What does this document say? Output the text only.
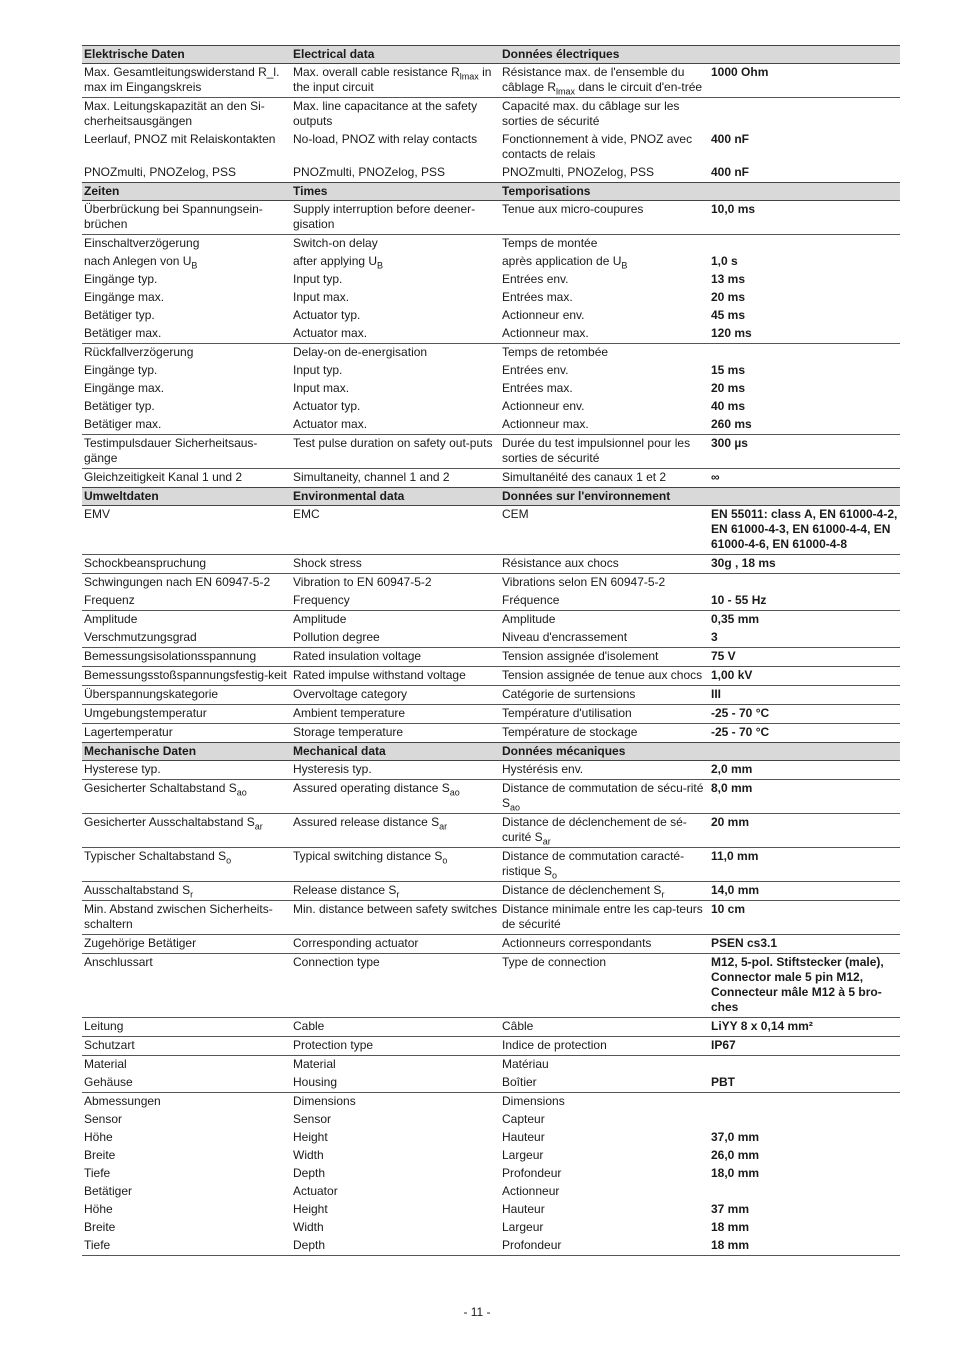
Elektrische Daten	Electrical data	Données électriques	
Max. Gesamtleitungswiderstand R_l. max im Eingangskreis	Max. overall cable resistance $R_{lmax}$ in the input circuit	Résistance max. de l'ensemble du câblage $R_{lmax}$ dans le circuit d'en-trée	1000 Ohm
Max. Leitungskapazität an den Si-cherheitsausgängen	Max. line capacitance at the safety outputs	Capacité max. du câblage sur les sorties de sécurité	
Leerlauf, PNOZ mit Relaiskontakten	No-load, PNOZ with relay contacts	Fonctionnement à vide, PNOZ avec contacts de relais	400 nF
PNOZmulti, PNOZelog, PSS	PNOZmulti, PNOZelog, PSS	PNOZmulti, PNOZelog, PSS	400 nF
Zeiten	Times	Temporisations	
Überbrückung bei Spannungsein-brüchen	Supply interruption before deener-gisation	Tenue aux micro-coupures	10,0 ms
Einschaltverzögerung	Switch-on delay	Temps de montée	
nach Anlegen von $U_B$	after applying $U_B$	après application de $U_B$	1,0 s
Eingänge typ.	Input typ.	Entrées env.	13 ms
Eingänge max.	Input max.	Entrées max.	20 ms
Betätiger typ.	Actuator typ.	Actionneur env.	45 ms
Betätiger max.	Actuator max.	Actionneur max.	120 ms
Rückfallverzögerung	Delay-on de-energisation	Temps de retombée	
Eingänge typ.	Input typ.	Entrées env.	15 ms
Eingänge max.	Input max.	Entrées max.	20 ms
Betätiger typ.	Actuator typ.	Actionneur env.	40 ms
Betätiger max.	Actuator max.	Actionneur max.	260 ms
Testimpulsdauer Sicherheitsaus-gänge	Test pulse duration on safety out-puts	Durée du test impulsionnel pour les sorties de sécurité	300 µs
Gleichzeitigkeit Kanal 1 und 2	Simultaneity, channel 1 and 2	Simultanéité des canaux 1 et 2	∞
Umweltdaten	Environmental data	Données sur l'environnement	
EMV	EMC	CEM	EN 55011: class A, EN 61000-4-2, EN 61000-4-3, EN 61000-4-4, EN 61000-4-6, EN 61000-4-8
Schockbeanspruchung	Shock stress	Résistance aux chocs	30g , 18 ms
Schwingungen nach EN 60947-5-2	Vibration to EN 60947-5-2	Vibrations selon EN 60947-5-2	
Frequenz	Frequency	Fréquence	10 - 55 Hz
Amplitude	Amplitude	Amplitude	0,35 mm
Verschmutzungsgrad	Pollution degree	Niveau d'encrassement	3
Bemessungsisolationsspannung	Rated insulation voltage	Tension assignée d'isolement	75 V
Bemessungsstoßspannungsfestig-keit	Rated impulse withstand voltage	Tension assignée de tenue aux chocs	1,00 kV
Überspannungskategorie	Overvoltage category	Catégorie de surtensions	III
Umgebungstemperatur	Ambient temperature	Température d'utilisation	-25 - 70 °C
Lagertemperatur	Storage temperature	Température de stockage	-25 - 70 °C
Mechanische Daten	Mechanical data	Données mécaniques	
Hysterese typ.	Hysteresis typ.	Hystérésis env.	2,0 mm
Gesicherter Schaltabstand $S_{ao}$	Assured operating distance $S_{ao}$	Distance de commutation de sécu-rité $S_{ao}$	8,0 mm
Gesicherter Ausschaltabstand $S_{ar}$	Assured release distance $S_{ar}$	Distance de déclenchement de sé-curité $S_{ar}$	20 mm
Typischer Schaltabstand $S_o$	Typical switching distance $S_o$	Distance de commutation caracté-ristique $S_o$	11,0 mm
Ausschaltabstand $S_r$	Release distance $S_r$	Distance de déclenchement $S_r$	14,0 mm
Min. Abstand zwischen Sicherheits-schaltern	Min. distance between safety switches	Distance minimale entre les cap-teurs de sécurité	10 cm
Zugehörige Betätiger	Corresponding actuator	Actionneurs correspondants	PSEN cs3.1
Anschlussart	Connection type	Type de connection	M12, 5-pol. Stiftstecker (male), Connector male 5 pin M12, Connecteur mâle M12 à 5 bro-ches
Leitung	Cable	Câble	LiYY 8 x 0,14 mm²
Schutzart	Protection type	Indice de protection	IP67
Material	Material	Matériau	
Gehäuse	Housing	Boîtier	PBT
Abmessungen	Dimensions	Dimensions	
Sensor	Sensor	Capteur	
Höhe	Height	Hauteur	37,0 mm
Breite	Width	Largeur	26,0 mm
Tiefe	Depth	Profondeur	18,0 mm
Betätiger	Actuator	Actionneur	
Höhe	Height	Hauteur	37 mm
Breite	Width	Largeur	18 mm
Tiefe	Depth	Profondeur	18 mm
- 11 -
